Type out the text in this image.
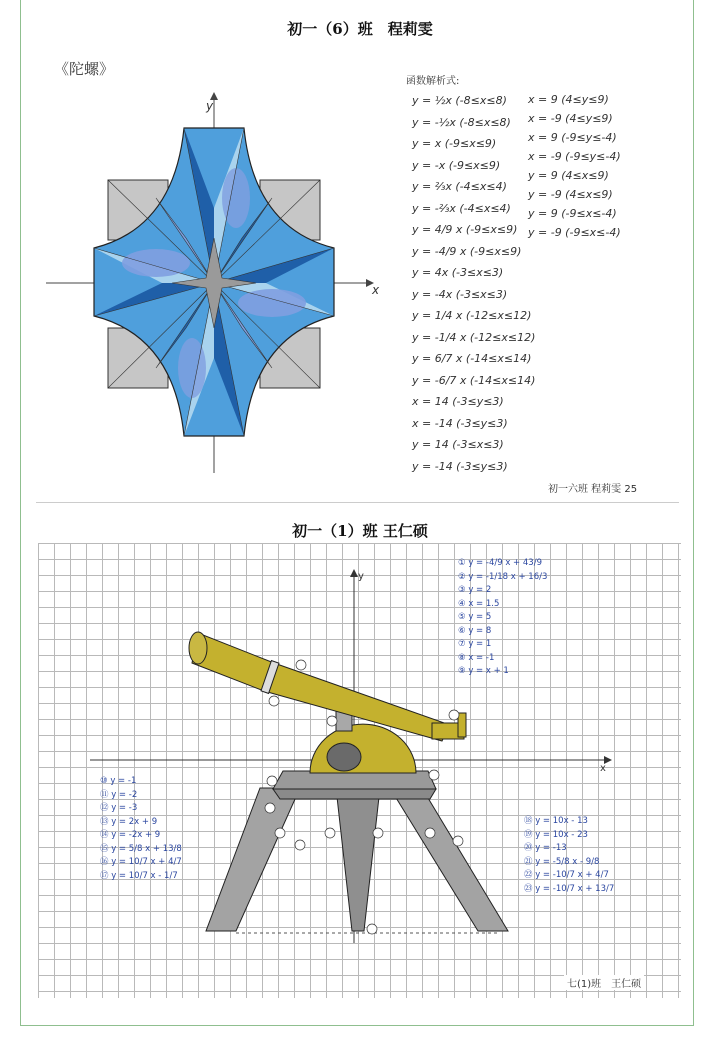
初一（6）班　程莉雯
《陀螺》
x
y
函数解析式:
y = ½x (-8≤x≤8)
y = -½x (-8≤x≤8)
y = x (-9≤x≤9)
y = -x (-9≤x≤9)
y = ⅔x (-4≤x≤4)
y = -⅔x (-4≤x≤4)
y = 4/9 x (-9≤x≤9)
y = -4/9 x (-9≤x≤9)
y = 4x (-3≤x≤3)
y = -4x (-3≤x≤3)
y = 1/4 x (-12≤x≤12)
y = -1/4 x (-12≤x≤12)
y = 6/7 x (-14≤x≤14)
y = -6/7 x (-14≤x≤14)
x = 14 (-3≤y≤3)
x = -14 (-3≤y≤3)
y = 14 (-3≤x≤3)
y = -14 (-3≤y≤3)
x = 9 (4≤y≤9)
x = -9 (4≤y≤9)
x = 9 (-9≤y≤-4)
x = -9 (-9≤y≤-4)
y = 9 (4≤x≤9)
y = -9 (4≤x≤9)
y = 9 (-9≤x≤-4)
y = -9 (-9≤x≤-4)
初一六班 程莉雯 25
初一（1）班 王仁硕
x
y
① y = -4/9 x + 43/9
② y = -1/18 x + 16/3
③ y = 2
④ x = 1.5
⑤ y = 5
⑥ y = 8
⑦ y = 1
⑧ x = -1
⑨ y = x + 1
⑩ y = -1
⑪ y = -2
⑫ y = -3
⑬ y = 2x + 9
⑭ y = -2x + 9
⑮ y = 5/8 x + 13/8
⑯ y = 10/7 x + 4/7
⑰ y = 10/7 x - 1/7
⑱ y = 10x - 13
⑲ y = 10x - 23
⑳ y = -13
㉑ y = -5/8 x - 9/8
㉒ y = -10/7 x + 4/7
㉓ y = -10/7 x + 13/7
七(1)班　王仁硕
